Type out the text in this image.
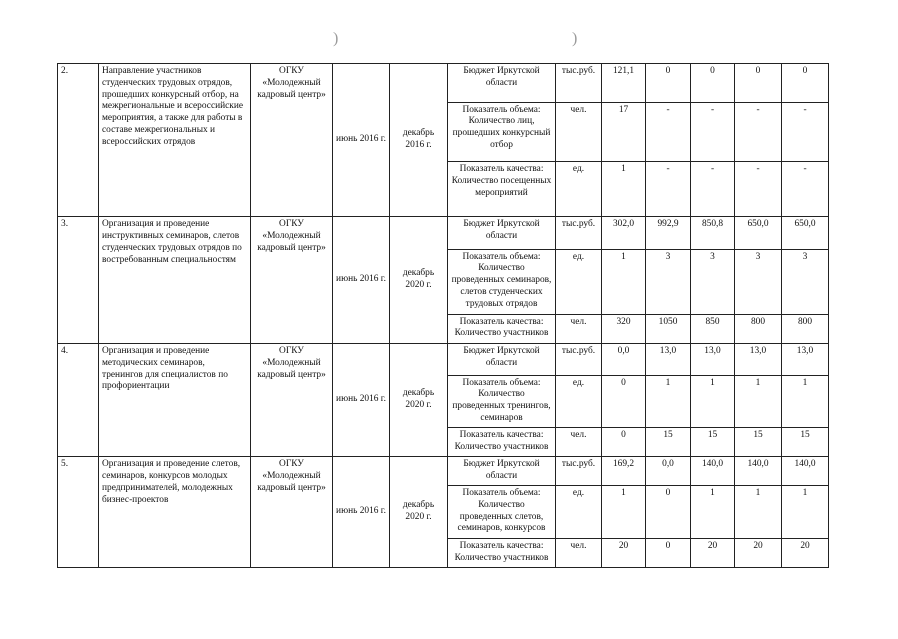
)	)
2.	Направление участников студенческих трудовых отрядов, прошедших конкурсный отбор, на межрегиональные и всероссийские мероприятия, а также для работы в составе межрегиональных и всероссийских отрядов	ОГКУ «Молодежный кадровый центр»	июнь 2016 г.	декабрь 2016 г.	Бюджет Иркутской области	тыс.руб.	121,1	0	0	0	0
					Показатель объема: Количество лиц, прошедших конкурсный отбор	чел.	17	-	-	-	-
					Показатель качества: Количество посещенных мероприятий	ед.	1	-	-	-	-
3.	Организация и проведение инструктивных семинаров, слетов студенческих трудовых отрядов по востребованным специальностям	ОГКУ «Молодежный кадровый центр»	июнь 2016 г.	декабрь 2020 г.	Бюджет Иркутской области	тыс.руб.	302,0	992,9	850,8	650,0	650,0
					Показатель объема: Количество проведенных семинаров, слетов студенческих трудовых отрядов	ед.	1	3	3	3	3
					Показатель качества: Количество участников	чел.	320	1050	850	800	800
4.	Организация и проведение методических семинаров, тренингов для специалистов по профориентации	ОГКУ «Молодежный кадровый центр»	июнь 2016 г.	декабрь 2020 г.	Бюджет Иркутской области	тыс.руб.	0,0	13,0	13,0	13,0	13,0
					Показатель объема: Количество проведенных тренингов, семинаров	ед.	0	1	1	1	1
					Показатель качества: Количество участников	чел.	0	15	15	15	15
5.	Организация и проведение слетов, семинаров, конкурсов молодых предпринимателей, молодежных бизнес-проектов	ОГКУ «Молодежный кадровый центр»	июнь 2016 г.	декабрь 2020 г.	Бюджет Иркутской области	тыс.руб.	169,2	0,0	140,0	140,0	140,0
					Показатель объема: Количество проведенных слетов, семинаров, конкурсов	ед.	1	0	1	1	1
					Показатель качества: Количество участников	чел.	20	0	20	20	20
